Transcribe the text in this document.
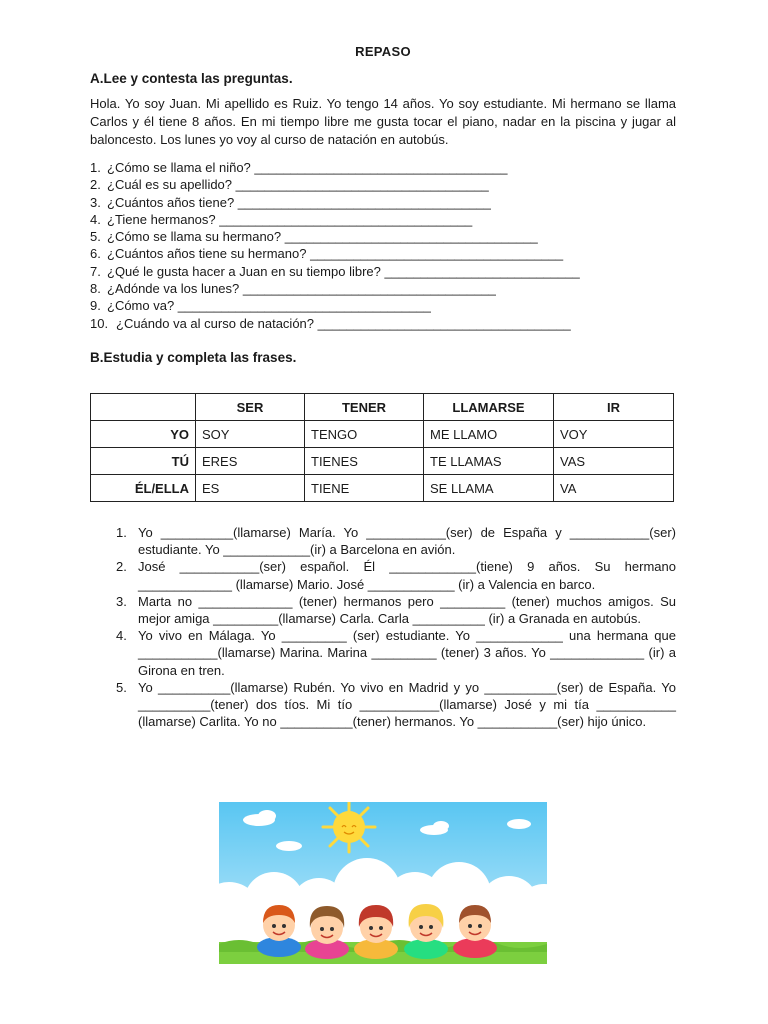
REPASO
A.Lee y contesta las preguntas.
Hola. Yo soy Juan. Mi apellido es Ruiz. Yo tengo 14 años. Yo soy estudiante. Mi hermano se llama Carlos y él tiene 8 años. En mi tiempo libre me gusta tocar el piano, nadar en la piscina y jugar al baloncesto. Los lunes yo voy al curso de natación en autobús.
1. ¿Cómo se llama el niño? ___________________________________
2. ¿Cuál es su apellido? ___________________________________
3. ¿Cuántos años tiene? ___________________________________
4. ¿Tiene hermanos? ___________________________________
5. ¿Cómo se llama su hermano? ___________________________________
6. ¿Cuántos años tiene su hermano? ___________________________________
7. ¿Qué le gusta hacer a Juan en su tiempo libre? ___________________________
8. ¿Adónde va los lunes? ___________________________________
9. ¿Cómo va? ___________________________________
10. ¿Cuándo va al curso de natación? ___________________________________
B.Estudia y completa las frases.
	SER	TENER	LLAMARSE	IR
YO	SOY	TENGO	ME LLAMO	VOY
TÚ	ERES	TIENES	TE LLAMAS	VAS
ÉL/ELLA	ES	TIENE	SE LLAMA	VA
1. Yo __________(llamarse) María. Yo ___________(ser) de España y ___________(ser) estudiante. Yo ____________(ir) a Barcelona en avión.
2. José ___________(ser) español. Él ____________(tiene) 9 años. Su hermano _____________ (llamarse) Mario. José ____________ (ir) a Valencia en barco.
3. Marta no _____________ (tener) hermanos pero _________ (tener) muchos amigos. Su mejor amiga _________(llamarse) Carla. Carla __________ (ir) a Granada en autobús.
4. Yo vivo en Málaga. Yo _________ (ser) estudiante. Yo ____________ una hermana que ___________(llamarse) Marina. Marina _________ (tener) 3 años. Yo _____________ (ir) a Girona en tren.
5. Yo __________(llamarse) Rubén. Yo vivo en Madrid y yo __________(ser) de España. Yo __________(tener) dos tíos. Mi tío ___________(llamarse) José y mi tía ___________ (llamarse) Carlita. Yo no __________(tener) hermanos. Yo ___________(ser) hijo único.
